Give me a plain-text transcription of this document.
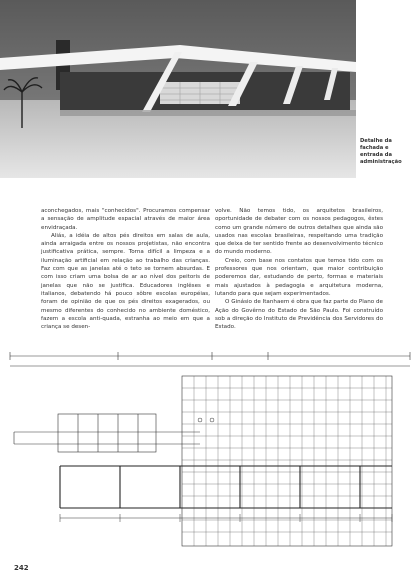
Detalhe da
fachada e
entrada da
administração

aconchegados, mais "conhecidos". Procuramos compensar a sensação de amplitude espacial através de maior área envidraçada.

Aliás, a idéia de altos pés direitos em salas de aula, ainda arraigada entre os nossos projetistas, não encontra justificativa prática, sempre. Torna difícil a limpeza e a iluminação artificial em relação ao trabalho das crianças. Faz com que as janelas até o teto se tornem absurdas. E com isso criam uma bolsa de ar ao nível dos peitoris de janelas que não se justifica. Educadores inglêses e italianos, debatendo há pouco sôbre escolas européias, foram de opinião de que os pés direitos exagerados, ou mesmo diferentes do conhecido no ambiente doméstico, fazem a escola anti-quada, estranha ao meio em que a criança se desen-

volve. Não temos tido, os arquitetos brasileiros, oportunidade de debater com os nossos pedagogos, êstes como um grande número de outros detalhes que ainda são usados nas escolas brasileiras, respeitando uma tradição que deixa de ter sentido frente ao desenvolvimento técnico do mundo moderno.

Creio, com base nos contatos que temos tido com os professores que nos orientam, que maior contribuição poderemos dar, estudando de perto, formas e materiais mais ajustados à pedagogia e arquitetura moderna, lutando para que sejam experimentados.

O Ginásio de Itanhaem é obra que faz parte do Plano de Ação do Govêrno do Estado de São Paulo. Foi construído sob a direção do Instituto de Previdência dos Servidores do Estado.

242
